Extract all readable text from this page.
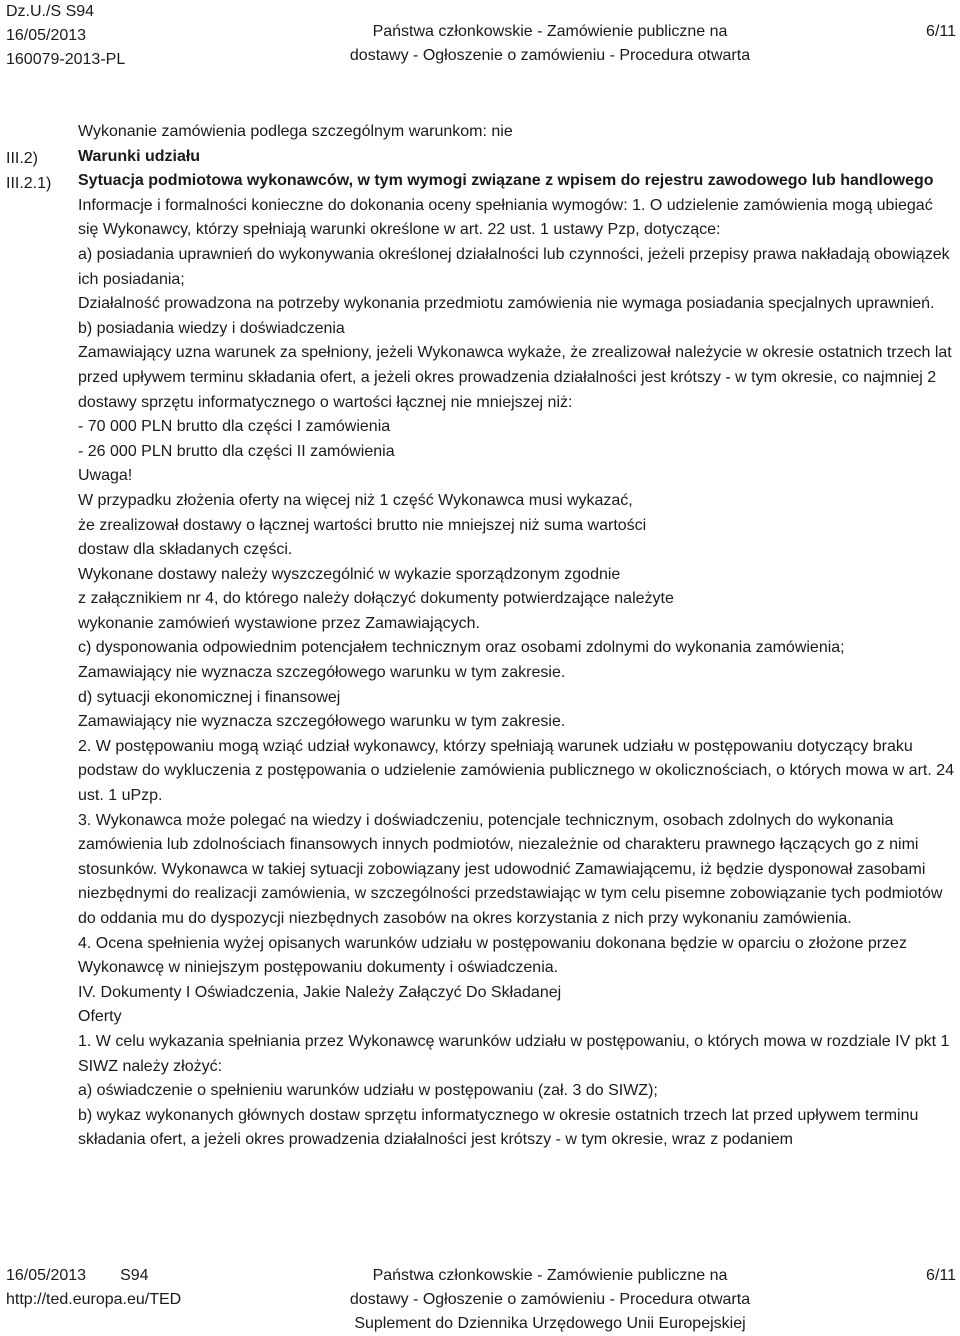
Dz.U./S S94
16/05/2013
160079-2013-PL
Państwa członkowskie - Zamówienie publiczne na
dostawy - Ogłoszenie o zamówieniu - Procedura otwarta
6/11
III.2)
III.2.1)

Wykonanie zamówienia podlega szczególnym warunkom: nie

Warunki udziału

Sytuacja podmiotowa wykonawców, w tym wymogi związane z wpisem do rejestru zawodowego lub handlowego

Informacje i formalności konieczne do dokonania oceny spełniania wymogów: 1. O udzielenie zamówienia mogą ubiegać się Wykonawcy, którzy spełniają warunki określone w art. 22 ust. 1 ustawy Pzp, dotyczące:

a) posiadania uprawnień do wykonywania określonej działalności lub czynności, jeżeli przepisy prawa nakładają obowiązek ich posiadania;

Działalność prowadzona na potrzeby wykonania przedmiotu zamówienia nie wymaga posiadania specjalnych uprawnień.

b) posiadania wiedzy i doświadczenia

Zamawiający uzna warunek za spełniony, jeżeli Wykonawca wykaże, że zrealizował należycie w okresie ostatnich trzech lat przed upływem terminu składania ofert, a jeżeli okres prowadzenia działalności jest krótszy - w tym okresie, co najmniej 2 dostawy sprzętu informatycznego o wartości łącznej nie mniejszej niż:

- 70 000 PLN brutto dla części I zamówienia

- 26 000 PLN brutto dla części II zamówienia

Uwaga!

W przypadku złożenia oferty na więcej niż 1 część Wykonawca musi wykazać,

że zrealizował dostawy o łącznej wartości brutto nie mniejszej niż suma wartości

dostaw dla składanych części.

Wykonane dostawy należy wyszczególnić w wykazie sporządzonym zgodnie

z załącznikiem nr 4, do którego należy dołączyć dokumenty potwierdzające należyte

wykonanie zamówień wystawione przez Zamawiających.

c) dysponowania odpowiednim potencjałem technicznym oraz osobami zdolnymi do wykonania zamówienia;

Zamawiający nie wyznacza szczegółowego warunku w tym zakresie.

d) sytuacji ekonomicznej i finansowej

Zamawiający nie wyznacza szczegółowego warunku w tym zakresie.

2. W postępowaniu mogą wziąć udział wykonawcy, którzy spełniają warunek udziału w postępowaniu dotyczący braku podstaw do wykluczenia z postępowania o udzielenie zamówienia publicznego w okolicznościach, o których mowa w art. 24 ust. 1 uPzp.

3. Wykonawca może polegać na wiedzy i doświadczeniu, potencjale technicznym, osobach zdolnych do wykonania zamówienia lub zdolnościach finansowych innych podmiotów, niezależnie od charakteru prawnego łączących go z nimi stosunków. Wykonawca w takiej sytuacji zobowiązany jest udowodnić Zamawiającemu, iż będzie dysponował zasobami niezbędnymi do realizacji zamówienia, w szczególności przedstawiając w tym celu pisemne zobowiązanie tych podmiotów do oddania mu do dyspozycji niezbędnych zasobów na okres korzystania z nich przy wykonaniu zamówienia.

4. Ocena spełnienia wyżej opisanych warunków udziału w postępowaniu dokonana będzie w oparciu o złożone przez Wykonawcę w niniejszym postępowaniu dokumenty i oświadczenia.

IV. Dokumenty I Oświadczenia, Jakie Należy Załączyć Do Składanej

Oferty

1. W celu wykazania spełniania przez Wykonawcę warunków udziału w postępowaniu, o których mowa w rozdziale IV pkt 1 SIWZ należy złożyć:

a) oświadczenie o spełnieniu warunków udziału w postępowaniu (zał. 3 do SIWZ);

b) wykaz wykonanych głównych dostaw sprzętu informatycznego w okresie ostatnich trzech lat przed upływem terminu składania ofert, a jeżeli okres prowadzenia działalności jest krótszy - w tym okresie, wraz z podaniem

16/05/2013 S94
http://ted.europa.eu/TED
Państwa członkowskie - Zamówienie publiczne na
dostawy - Ogłoszenie o zamówieniu - Procedura otwarta
Suplement do Dziennika Urzędowego Unii Europejskiej
6/11
